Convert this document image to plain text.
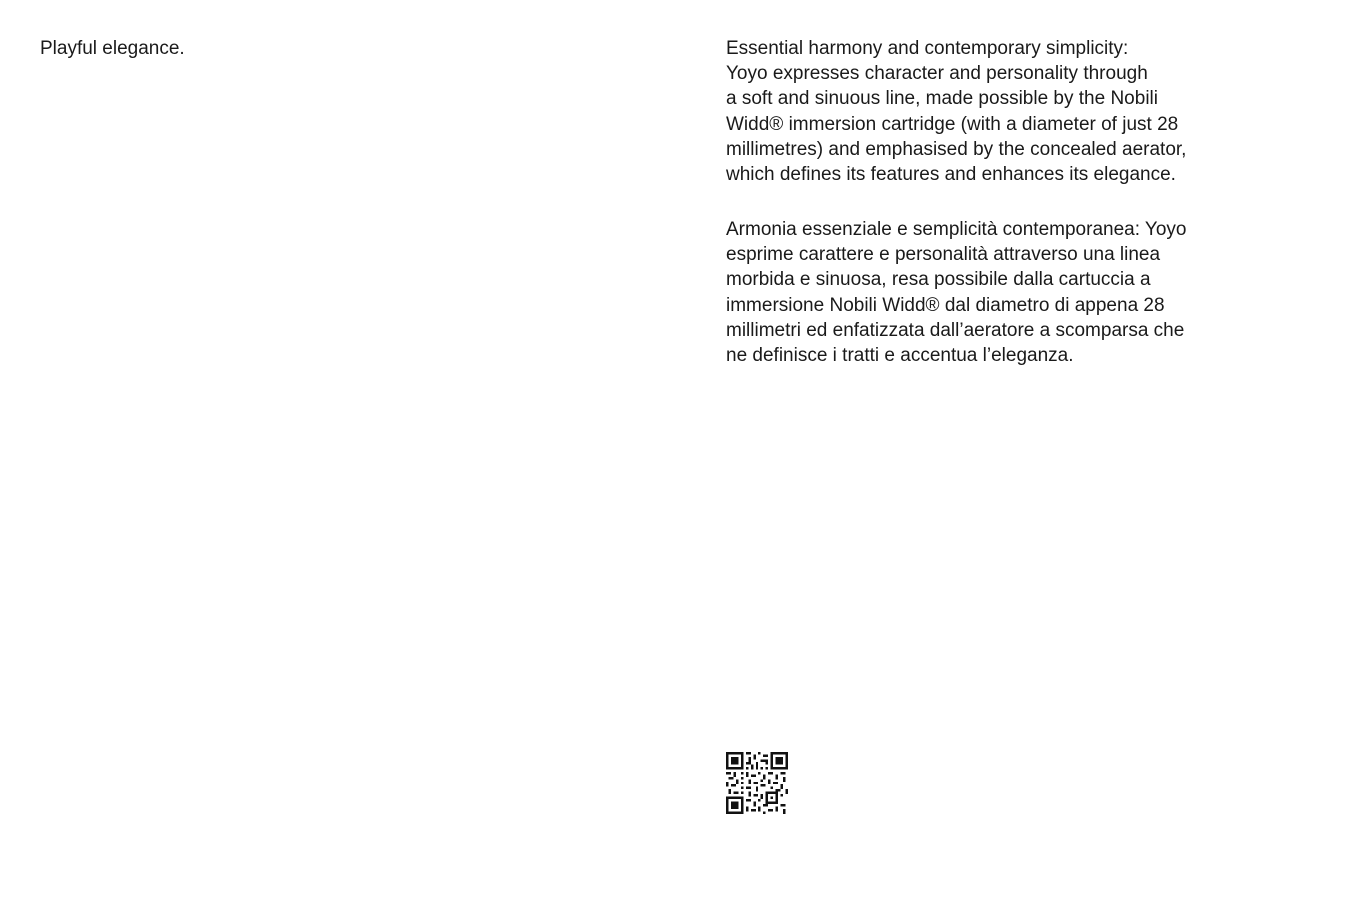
Playful elegance.	Essential harmony and contemporary simplicity:
Yoyo expresses character and personality through
a soft and sinuous line, made possible by the Nobili
Widd® immersion cartridge (with a diameter of just 28
millimetres) and emphasised by the concealed aerator,
which defines its features and enhances its elegance.

Armonia essenziale e semplicità contemporanea: Yoyo
esprime carattere e personalità attraverso una linea
morbida e sinuosa, resa possibile dalla cartuccia a
immersione Nobili Widd® dal diametro di appena 28
millimetri ed enfatizzata dall’aeratore a scomparsa che
ne definisce i tratti e accentua l’eleganza.
